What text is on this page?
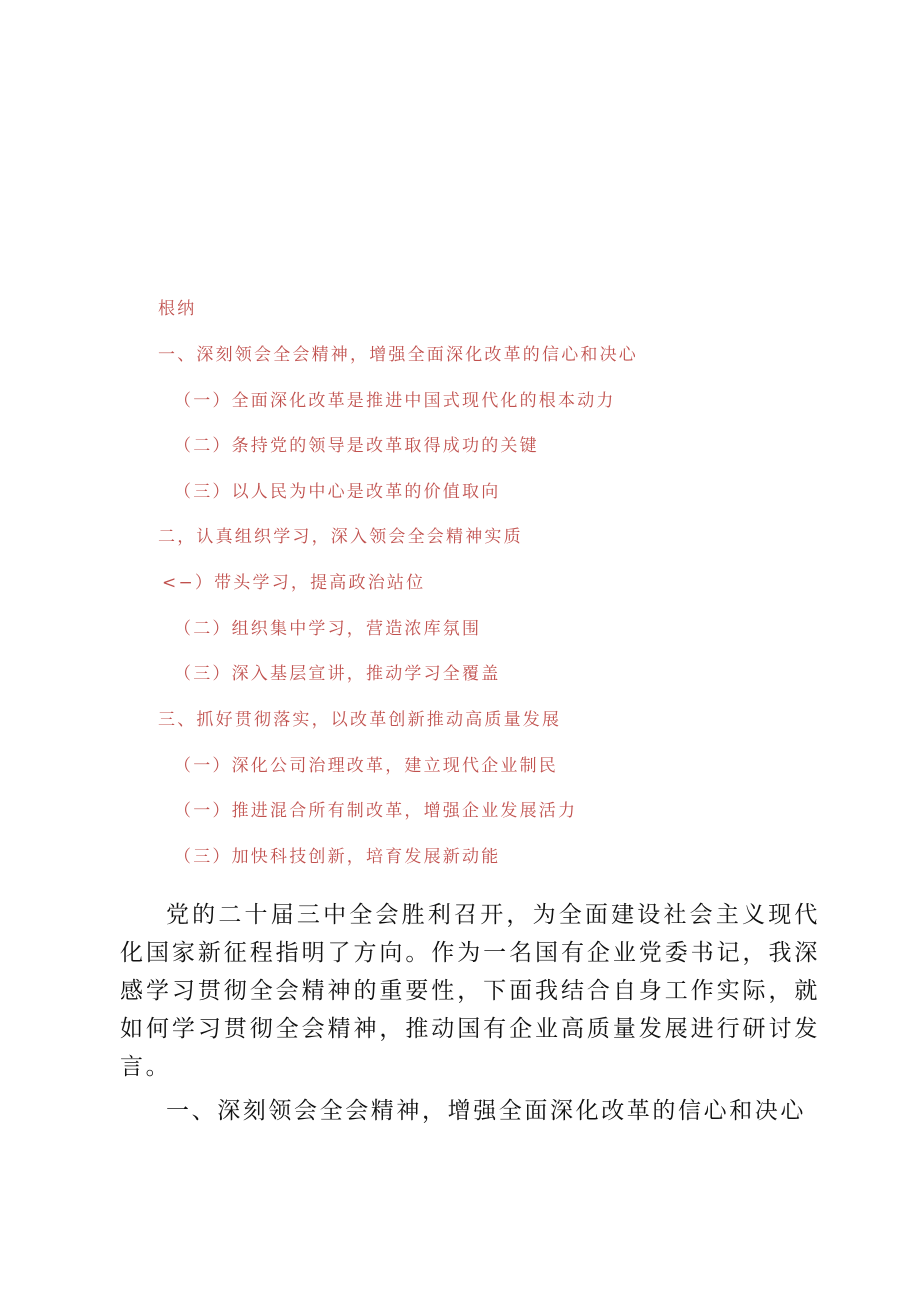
根纳
一、深刻领会全会精神，增强全面深化改革的信心和决心
（一）全面深化改革是推进中国式现代化的根本动力
（二）条持党的领导是改革取得成功的关键
（三）以人民为中心是改革的价值取向
二，认真组织学习，深入领会全会精神实质
<−）带头学习，提高政治站位
（二）组织集中学习，营造浓库氛围
（三）深入基层宣讲，推动学习全覆盖
三、抓好贯彻落实，以改革创新推动高质量发展
（一）深化公司治理改革，建立现代企业制民
（一）推进混合所有制改革，增强企业发展活力
（三）加快科技创新，培育发展新动能

党的二十届三中全会胜利召开，为全面建设社会主义现代化国家新征程指明了方向。作为一名国有企业党委书记，我深感学习贯彻全会精神的重要性，下面我结合自身工作实际，就如何学习贯彻全会精神，推动国有企业高质量发展进行研讨发言。

一、深刻领会全会精神，增强全面深化改革的信心和决心
